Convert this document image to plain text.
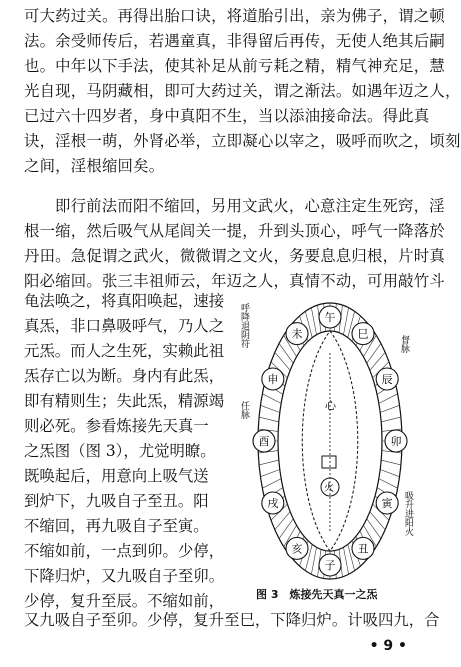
可大药过关。再得出胎口诀，将道胎引出，亲为佛子，谓之顿
法。余受师传后，若遇童真，非得留后再传，无使人绝其后嗣
也。中年以下手法，使其补足从前亏耗之精，精气神充足，慧
光自现，马阴藏相，即可大药过关，谓之渐法。如遇年迈之人，
已过六十四岁者，身中真阳不生，当以添油接命法。得此真
诀，淫根一萌，外肾必举，立即凝心以宰之，吸呼而吹之，顷刻
之间，淫根缩回矣。
即行前法而阳不缩回，另用文武火，心意注定生死窍，淫
根一缩，然后吸气从尾闾关一提，升到头顶心，呼气一降落於
丹田。急促谓之武火，微微谓之文火，务要息息归根，片时真
阳必缩回。张三丰祖师云，年迈之人，真情不动，可用敲竹斗
龟法唤之，将真阳唤起，速接
真炁，非口鼻吸呼气，乃人之
元炁。而人之生死，实赖此祖
炁存亡以为断。身内有此炁，
即有精则生；失此炁，精源竭
则必死。参看炼接先天真一
之炁图（图 3），尤觉明瞭。
既唤起后，用意向上吸气送
到炉下，九吸自子至丑。阳
不缩回，再九吸自子至寅。
不缩如前，一点到卯。少停，
下降归炉，又九吸自子至卯。
少停，复升至辰。不缩如前，
心
火
午
未
申
酉
戌
亥
子
丑
寅
卯
辰
巳
呼降退阴符	督脉
任脉
吸升进阳火
图 3　炼接先天真一之炁
又九吸自子至卯。少停，复升至巳，下降归炉。计吸四九，合
• 9 •
